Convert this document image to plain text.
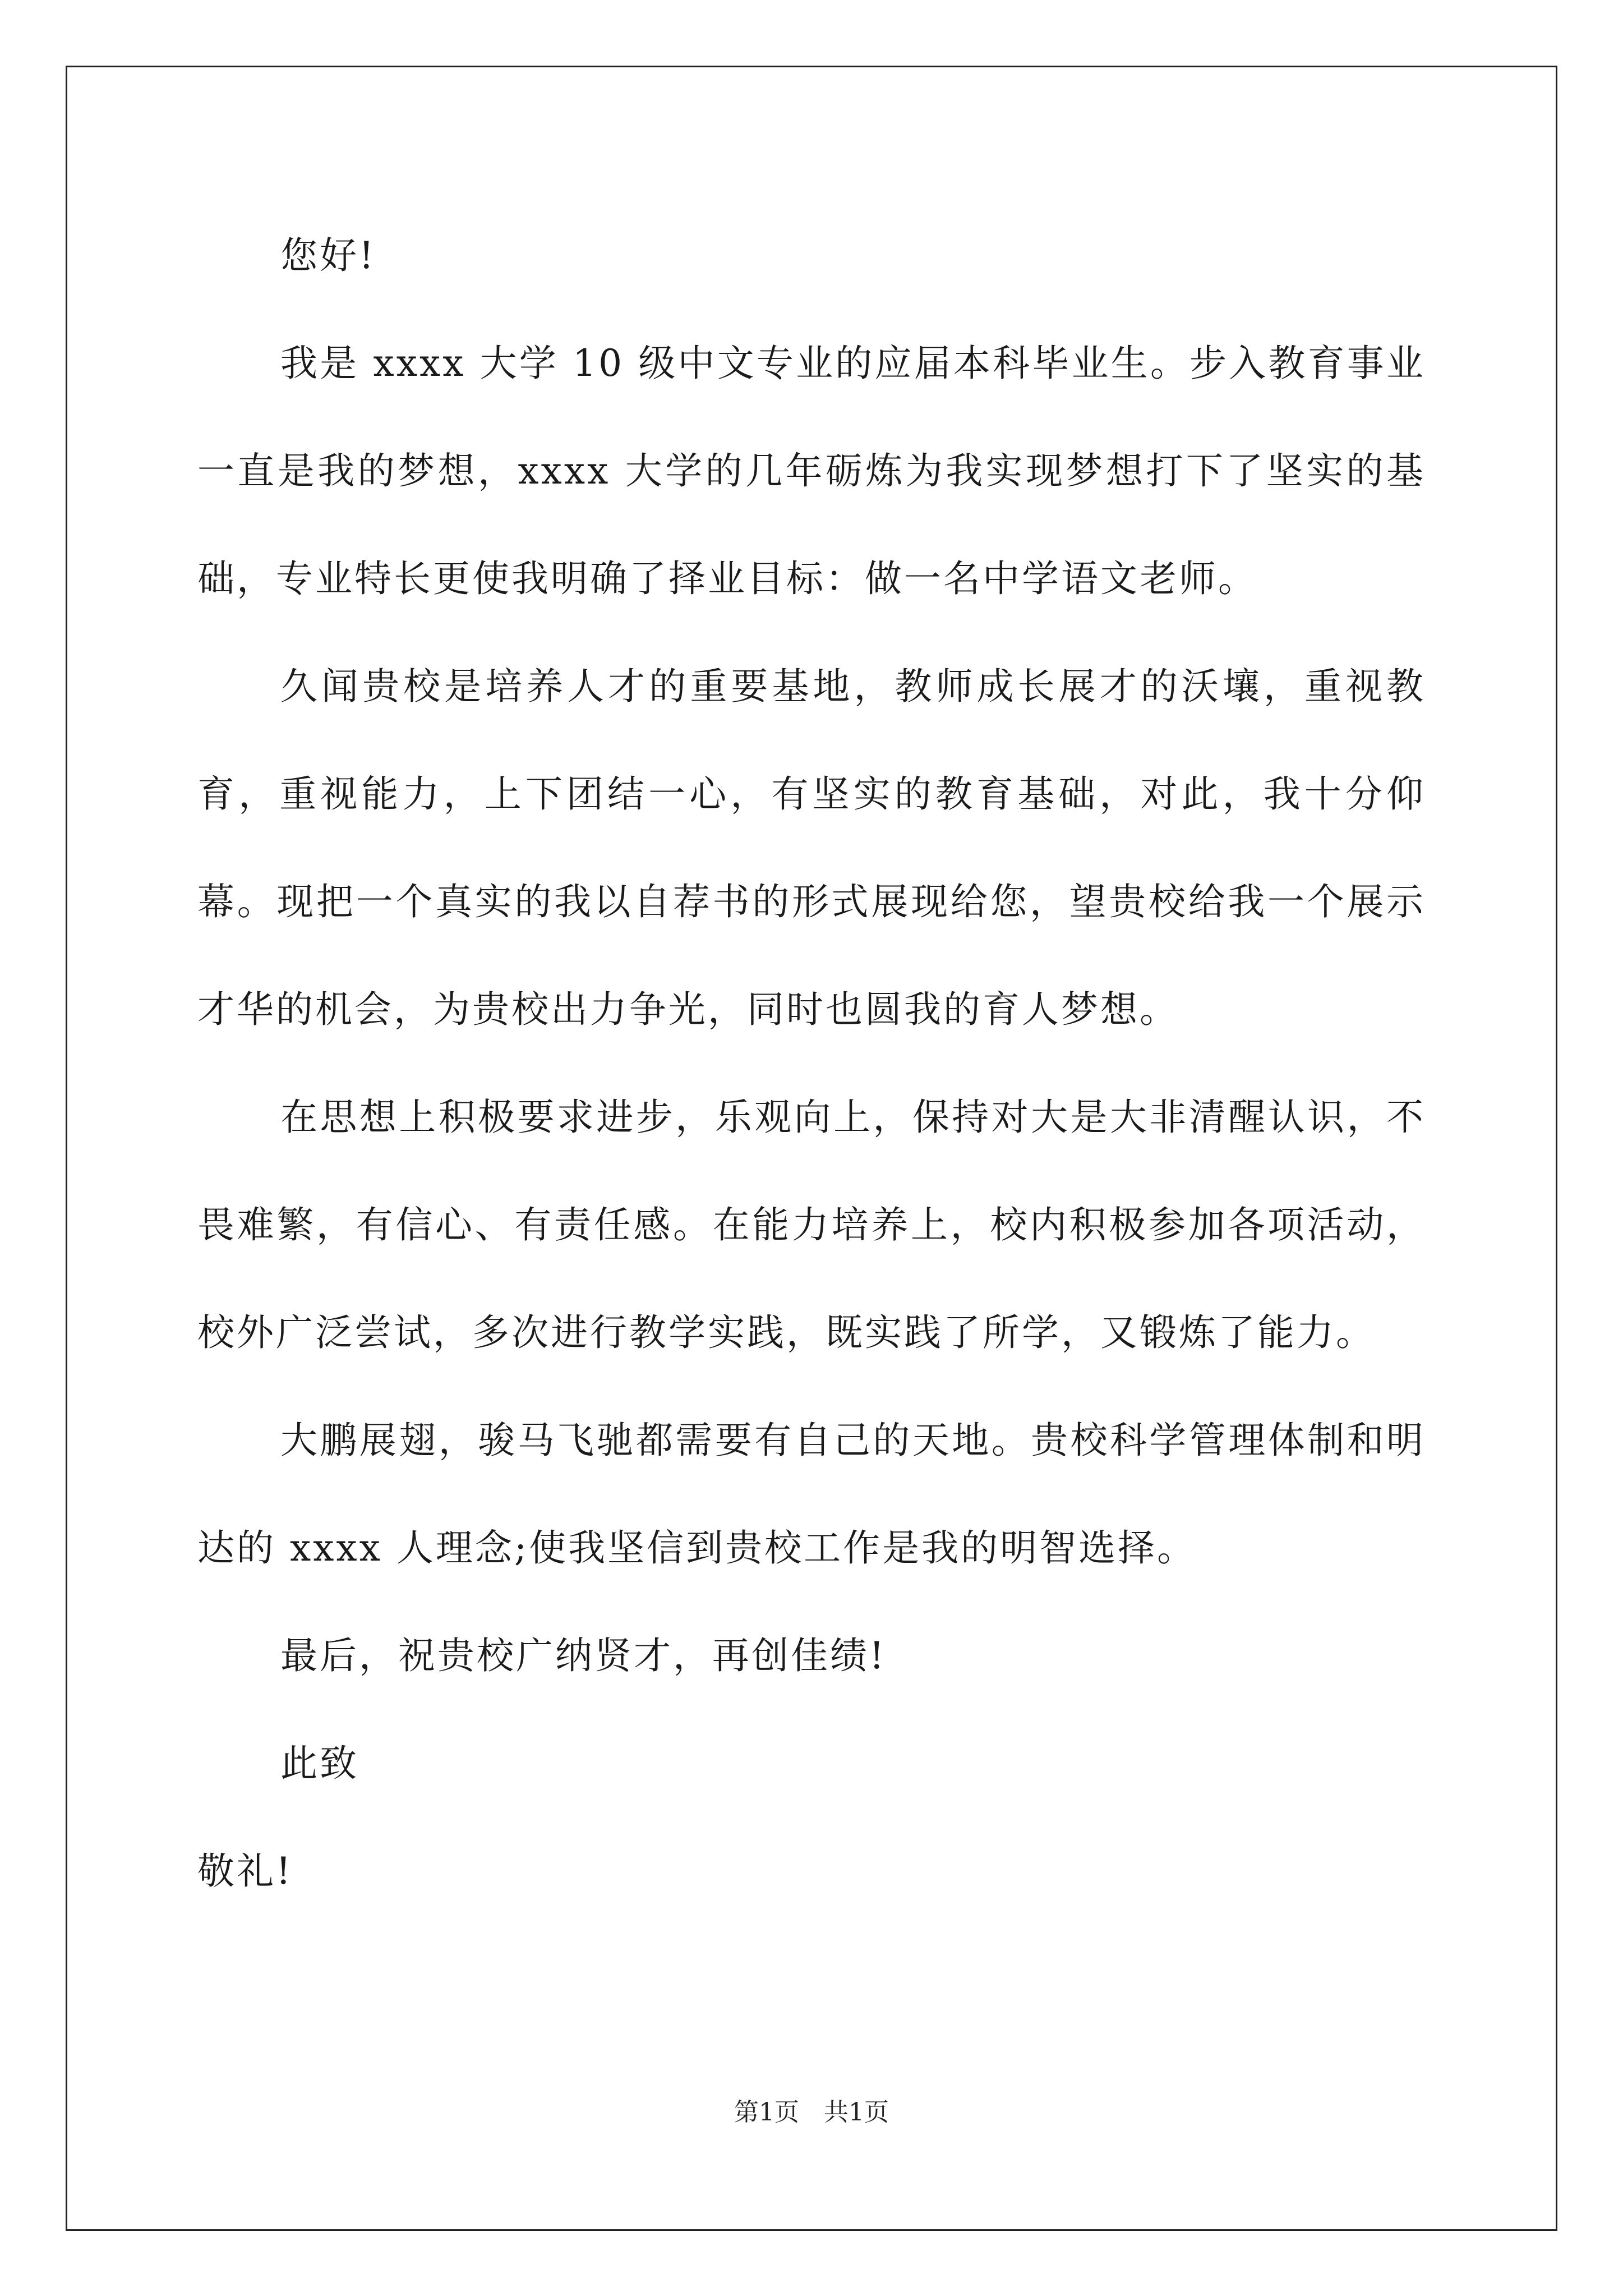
您好!

我是 xxxx 大学 10 级中文专业的应届本科毕业生。步入教育事业一直是我的梦想，xxxx 大学的几年砺炼为我实现梦想打下了坚实的基础，专业特长更使我明确了择业目标：做一名中学语文老师。

久闻贵校是培养人才的重要基地，教师成长展才的沃壤，重视教育，重视能力，上下团结一心，有坚实的教育基础，对此，我十分仰幕。现把一个真实的我以自荐书的形式展现给您，望贵校给我一个展示才华的机会，为贵校出力争光，同时也圆我的育人梦想。

在思想上积极要求进步，乐观向上，保持对大是大非清醒认识，不畏难繁，有信心、有责任感。在能力培养上，校内积极参加各项活动，校外广泛尝试，多次进行教学实践，既实践了所学，又锻炼了能力。

大鹏展翅，骏马飞驰都需要有自己的天地。贵校科学管理体制和明达的 xxxx 人理念;使我坚信到贵校工作是我的明智选择。

最后，祝贵校广纳贤才，再创佳绩!

此致

敬礼!

第1页 共1页
